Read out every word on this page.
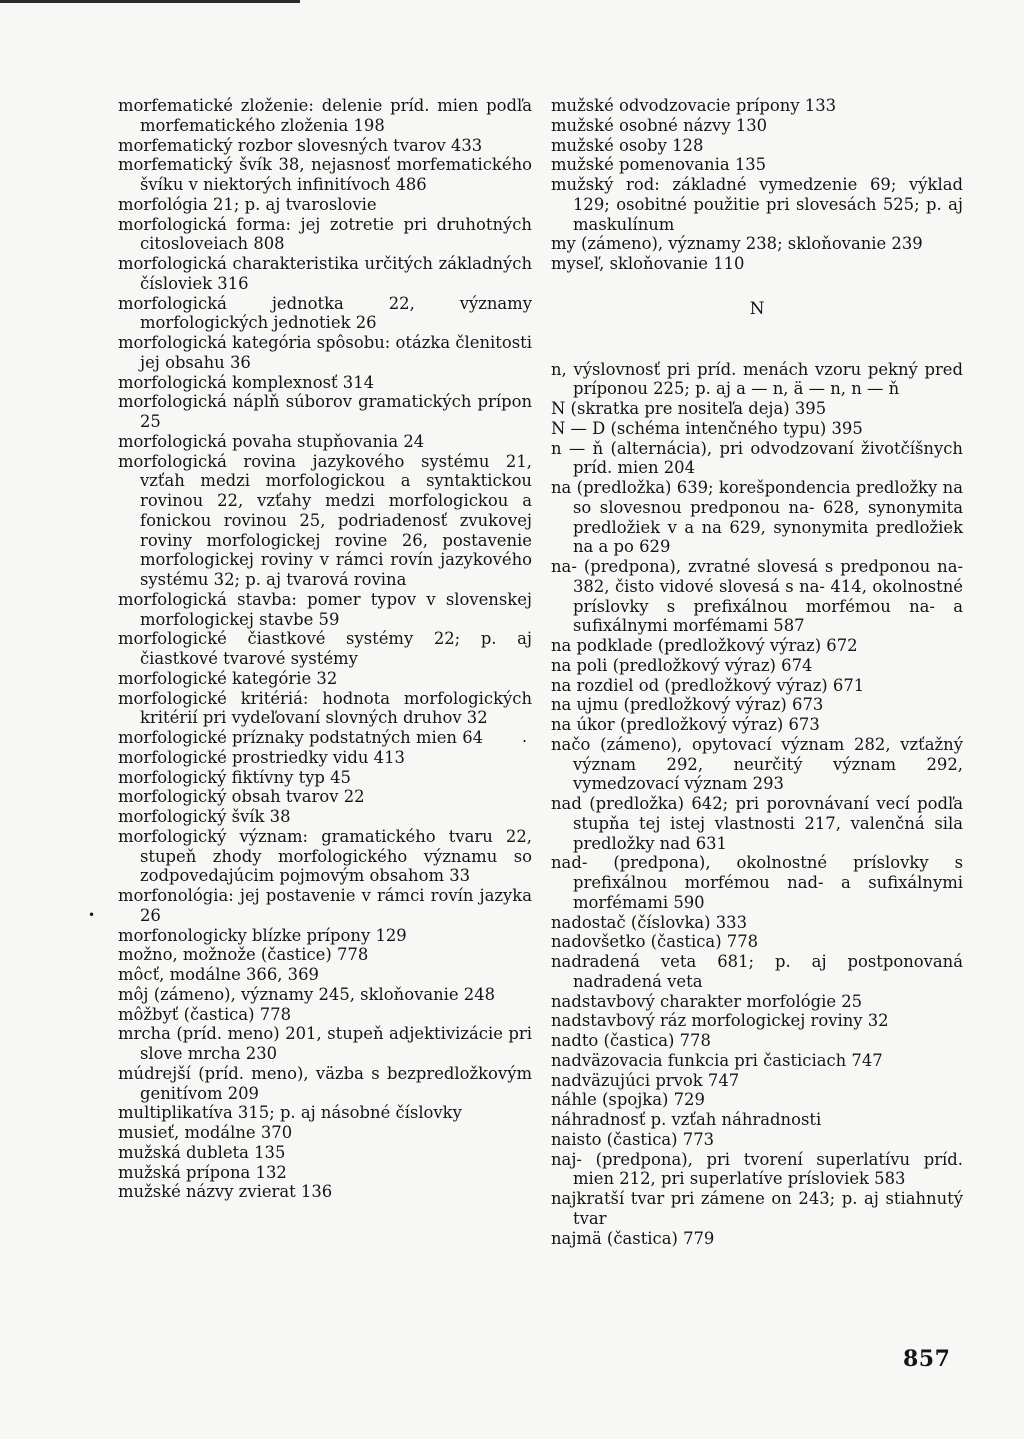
•
.
morfematické zloženie: delenie príd. mien podľa morfematického zloženia 198
morfematický rozbor slovesných tvarov 433
morfematický švík 38, nejasnosť morfematického švíku v niektorých infinitívoch 486
morfológia 21; p. aj tvaroslovie
morfologická forma: jej zotretie pri druhotných citosloveiach 808
morfologická charakteristika určitých základných čísloviek 316
morfologická jednotka 22, významy morfologických jednotiek 26
morfologická kategória spôsobu: otázka členitosti jej obsahu 36
morfologická komplexnosť 314
morfologická náplň súborov gramatických prípon 25
morfologická povaha stupňovania 24
morfologická rovina jazykového systému 21, vzťah medzi morfologickou a syntaktickou rovinou 22, vzťahy medzi morfologickou a fonickou rovinou 25, podriadenosť zvukovej roviny morfologickej rovine 26, postavenie morfologickej roviny v rámci rovín jazykového systému 32; p. aj tvarová rovina
morfologická stavba: pomer typov v slovenskej morfologickej stavbe 59
morfologické čiastkové systémy 22; p. aj čiastkové tvarové systémy
morfologické kategórie 32
morfologické kritériá: hodnota morfologických kritérií pri vydeľovaní slovných druhov 32
morfologické príznaky podstatných mien 64
morfologické prostriedky vidu 413
morfologický fiktívny typ 45
morfologický obsah tvarov 22
morfologický švík 38
morfologický význam: gramatického tvaru 22, stupeň zhody morfologického významu so zodpovedajúcim pojmovým obsahom 33
morfonológia: jej postavenie v rámci rovín jazyka 26
morfonologicky blízke prípony 129
možno, možnože (častice) 778
môcť, modálne 366, 369
môj (zámeno), významy 245, skloňovanie 248
môžbyť (častica) 778
mrcha (príd. meno) 201, stupeň adjektivizácie pri slove mrcha 230
múdrejší (príd. meno), väzba s bezpredložkovým genitívom 209
multiplikatíva 315; p. aj násobné číslovky
musieť, modálne 370
mužská dubleta 135
mužská prípona 132
mužské názvy zvierat 136
mužské odvodzovacie prípony 133
mužské osobné názvy 130
mužské osoby 128
mužské pomenovania 135
mužský rod: základné vymedzenie 69; výklad 129; osobitné použitie pri slovesách 525; p. aj maskulínum
my (zámeno), významy 238; skloňovanie 239
myseľ, skloňovanie 110
N
n, výslovnosť pri príd. menách vzoru pekný pred príponou 225; p. aj a — n, ä — n, n — ň
N (skratka pre nositeľa deja) 395
N — D (schéma intenčného typu) 395
n — ň (alternácia), pri odvodzovaní životčíšnych príd. mien 204
na (predložka) 639; korešpondencia predložky na so slovesnou predponou na- 628, synonymita predložiek v a na 629, synonymita predložiek na a po 629
na- (predpona), zvratné slovesá s predponou na- 382, čisto vidové slovesá s na- 414, okolnostné príslovky s prefixálnou morfémou na- a sufixálnymi morfémami 587
na podklade (predložkový výraz) 672
na poli (predložkový výraz) 674
na rozdiel od (predložkový výraz) 671
na ujmu (predložkový výraz) 673
na úkor (predložkový výraz) 673
načo (zámeno), opytovací význam 282, vzťažný význam 292, neurčitý význam 292, vymedzovací význam 293
nad (predložka) 642; pri porovnávaní vecí podľa stupňa tej istej vlastnosti 217, valenčná sila predložky nad 631
nad- (predpona), okolnostné príslovky s prefixálnou morfémou nad- a sufixálnymi morfémami 590
nadostač (číslovka) 333
nadovšetko (častica) 778
nadradená veta 681; p. aj postponovaná nadradená veta
nadstavbový charakter morfológie 25
nadstavbový ráz morfologickej roviny 32
nadto (častica) 778
nadväzovacia funkcia pri časticiach 747
nadväzujúci prvok 747
náhle (spojka) 729
náhradnosť p. vzťah náhradnosti
naisto (častica) 773
naj- (predpona), pri tvorení superlatívu príd. mien 212, pri superlatíve prísloviek 583
najkratší tvar pri zámene on 243; p. aj stiahnutý tvar
najmä (častica) 779
857
